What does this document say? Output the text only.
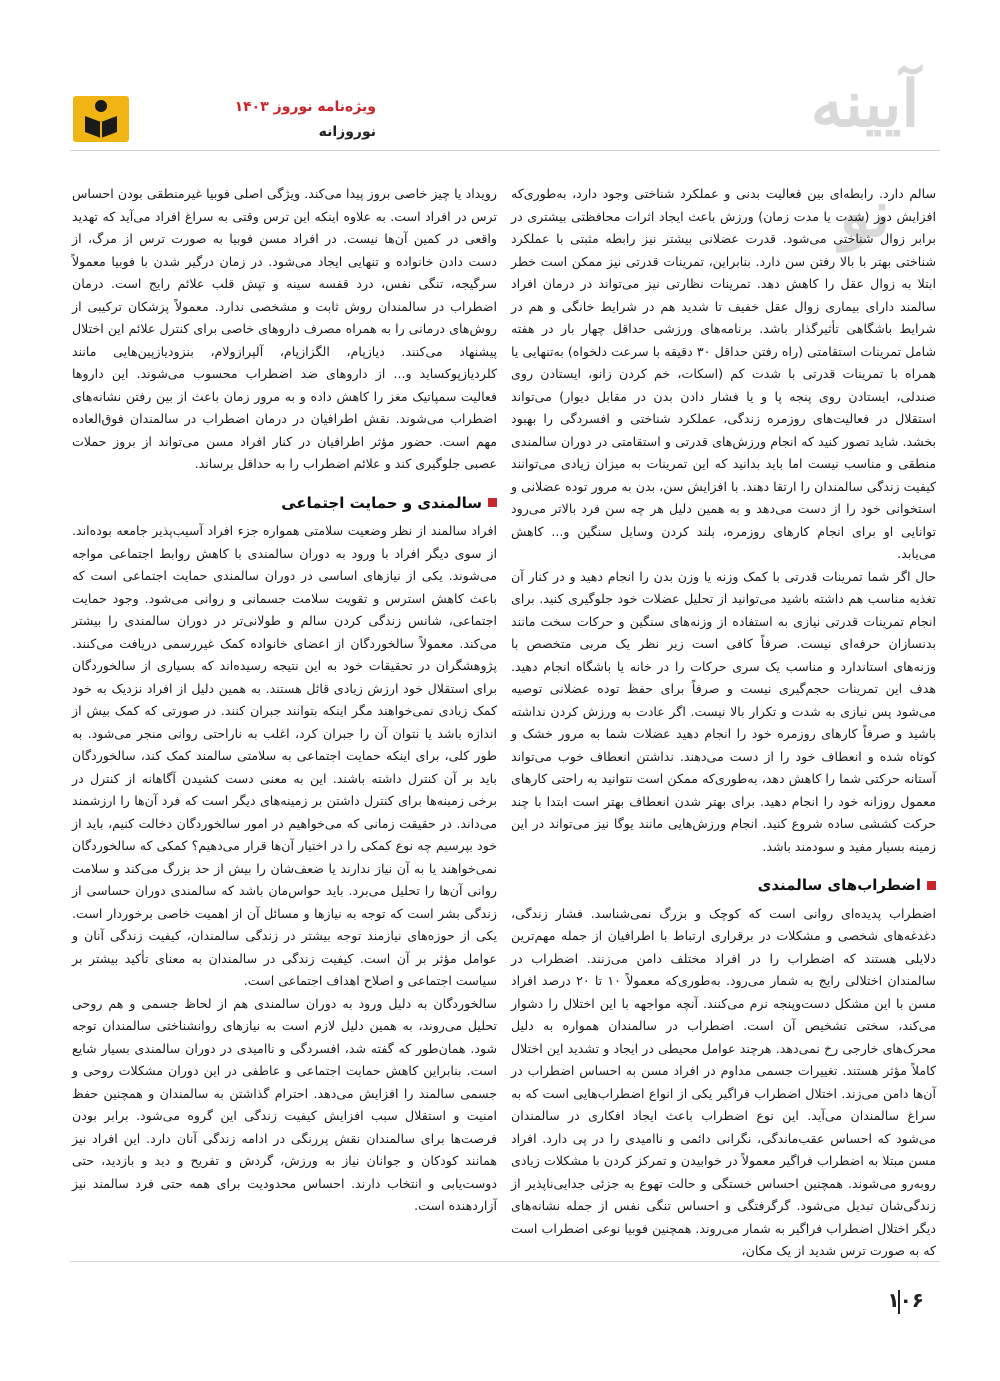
آیینه نو
ویژه‌نامه نوروز ۱۴۰۳
نوروزانه

سالم دارد. رابطه‌ای بین فعالیت بدنی و عملکرد شناختی وجود دارد، به‌طوری‌که افزایش دوز (شدت یا مدت زمان) ورزش باعث ایجاد اثرات محافظتی بیشتری در برابر زوال شناختی می‌شود. قدرت عضلانی بیشتر نیز رابطه مثبتی با عملکرد شناختی بهتر با بالا رفتن سن دارد. بنابراین، تمرینات قدرتی نیز ممکن است خطر ابتلا به زوال عقل را کاهش دهد. تمرینات نظارتی نیز می‌تواند در درمان افراد سالمند دارای بیماری زوال عقل خفیف تا شدید هم در شرایط خانگی و هم در شرایط باشگاهی تأثیرگذار باشد. برنامه‌های ورزشی حداقل چهار بار در هفته شامل تمرینات استقامتی (راه رفتن حداقل ۳۰ دقیقه با سرعت دلخواه) به‌تنهایی یا همراه با تمرینات قدرتی با شدت کم (اسکات، خم کردن زانو، ایستادن روی صندلی، ایستادن روی پنجه پا و یا فشار دادن بدن در مقابل دیوار) می‌تواند استقلال در فعالیت‌های روزمره زندگی، عملکرد شناختی و افسردگی را بهبود بخشد. شاید تصور کنید که انجام ورزش‌های قدرتی و استقامتی در دوران سالمندی منطقی و مناسب نیست اما باید بدانید که این تمرینات به میزان زیادی می‌توانند کیفیت زندگی سالمندان را ارتقا دهند. با افزایش سن، بدن به مرور توده عضلانی و استخوانی خود را از دست می‌دهد و به همین دلیل هر چه سن فرد بالاتر می‌رود توانایی او برای انجام کارهای روزمره، بلند کردن وسایل سنگین و... کاهش می‌یابد.

حال اگر شما تمرینات قدرتی با کمک وزنه یا وزن بدن را انجام دهید و در کنار آن تغذیه مناسب هم داشته باشید می‌توانید از تحلیل عضلات خود جلوگیری کنید. برای انجام تمرینات قدرتی نیازی به استفاده از وزنه‌های سنگین و حرکات سخت مانند بدنسازان حرفه‌ای نیست. صرفاً کافی است زیر نظر یک مربی متخصص با وزنه‌های استاندارد و مناسب یک سری حرکات را در خانه یا باشگاه انجام دهید. هدف این تمرینات حجم‌گیری نیست و صرفاً برای حفظ توده عضلانی توصیه می‌شود پس نیازی به شدت و تکرار بالا نیست. اگر عادت به ورزش کردن نداشته باشید و صرفاً کارهای روزمره خود را انجام دهید عضلات شما به مرور خشک و کوتاه شده و انعطاف خود را از دست می‌دهند. نداشتن انعطاف خوب می‌تواند آستانه حرکتی شما را کاهش دهد، به‌طوری‌که ممکن است نتوانید به راحتی کارهای معمول روزانه خود را انجام دهید. برای بهتر شدن انعطاف بهتر است ابتدا با چند حرکت کششی ساده شروع کنید. انجام ورزش‌هایی مانند یوگا نیز می‌تواند در این زمینه بسیار مفید و سودمند باشد.

اضطراب‌های سالمندی

اضطراب پدیده‌ای روانی است که کوچک و بزرگ نمی‌شناسد. فشار زندگی، دغدغه‌های شخصی و مشکلات در برقراری ارتباط با اطرافیان از جمله مهم‌ترین دلایلی هستند که اضطراب را در افراد مختلف دامن می‌زنند. اضطراب در سالمندان اختلالی رایج به شمار می‌رود. به‌طوری‌که معمولاً ۱۰ تا ۲۰ درصد افراد مسن با این مشکل دست‌وپنجه نرم می‌کنند. آنچه مواجهه با این اختلال را دشوار می‌کند، سختی تشخیص آن است. اضطراب در سالمندان همواره به دلیل محرک‌های خارجی رخ نمی‌دهد. هرچند عوامل محیطی در ایجاد و تشدید این اختلال کاملاً مؤثر هستند. تغییرات جسمی مداوم در افراد مسن به احساس اضطراب در آن‌ها دامن می‌زند. اختلال اضطراب فراگیر یکی از انواع اضطراب‌هایی است که به سراغ سالمندان می‌آید. این نوع اضطراب باعث ایجاد افکاری در سالمندان می‌شود که احساس عقب‌ماندگی، نگرانی دائمی و ناامیدی را در پی دارد. افراد مسن مبتلا به اضطراب فراگیر معمولاً در خوابیدن و تمرکز کردن با مشکلات زیادی روبه‌رو می‌شوند. همچنین احساس خستگی و حالت تهوع به جزئی جدایی‌ناپذیر از زندگی‌شان تبدیل می‌شود. گرگرفتگی و احساس تنگی نفس از جمله نشانه‌های دیگر اختلال اضطراب فراگیر به شمار می‌روند. همچنین فوبیا نوعی اضطراب است که به صورت ترس شدید از یک مکان،

رویداد یا چیز خاصی بروز پیدا می‌کند. ویژگی اصلی فوبیا غیرمنطقی بودن احساس ترس در افراد است. به علاوه اینکه این ترس وقتی به سراغ افراد می‌آید که تهدید واقعی در کمین آن‌ها نیست. در افراد مسن فوبیا به صورت ترس از مرگ، از دست دادن خانواده و تنهایی ایجاد می‌شود. در زمان درگیر شدن با فوبیا معمولاً سرگیجه، تنگی نفس، درد قفسه سینه و تپش قلب علائم رایج است. درمان اضطراب در سالمندان روش ثابت و مشخصی ندارد. معمولاً پزشکان ترکیبی از روش‌های درمانی را به همراه مصرف داروهای خاصی برای کنترل علائم این اختلال پیشنهاد می‌کنند. دیازپام، الگزازپام، آلپرازولام، بنزودیازپین‌هایی مانند کلردیازپوکساید و... از داروهای ضد اضطراب محسوب می‌شوند. این داروها فعالیت سمپاتیک مغز را کاهش داده و به مرور زمان باعث از بین رفتن نشانه‌های اضطراب می‌شوند. نقش اطرافیان در درمان اضطراب در سالمندان فوق‌العاده مهم است. حضور مؤثر اطرافیان در کنار افراد مسن می‌تواند از بروز حملات عصبی جلوگیری کند و علائم اضطراب را به حداقل برساند.

سالمندی و حمایت اجتماعی

افراد سالمند از نظر وضعیت سلامتی همواره جزء افراد آسیب‌پذیر جامعه بوده‌اند. از سوی دیگر افراد با ورود به دوران سالمندی با کاهش روابط اجتماعی مواجه می‌شوند. یکی از نیازهای اساسی در دوران سالمندی حمایت اجتماعی است که باعث کاهش استرس و تقویت سلامت جسمانی و روانی می‌شود. وجود حمایت اجتماعی، شانس زندگی کردن سالم و طولانی‌تر در دوران سالمندی را بیشتر می‌کند. معمولاً سالخوردگان از اعضای خانواده کمک غیررسمی دریافت می‌کنند. پژوهشگران در تحقیقات خود به این نتیجه رسیده‌اند که بسیاری از سالخوردگان برای استقلال خود ارزش زیادی قائل هستند. به همین دلیل از افراد نزدیک به خود کمک زیادی نمی‌خواهند مگر اینکه بتوانند جبران کنند. در صورتی که کمک بیش از اندازه باشد یا نتوان آن را جبران کرد، اغلب به ناراحتی روانی منجر می‌شود. به طور کلی، برای اینکه حمایت اجتماعی به سلامتی سالمند کمک کند، سالخوردگان باید بر آن کنترل داشته باشند. این به معنی دست کشیدن آگاهانه از کنترل در برخی زمینه‌ها برای کنترل داشتن بر زمینه‌های دیگر است که فرد آن‌ها را ارزشمند می‌داند. در حقیقت زمانی که می‌خواهیم در امور سالخوردگان دخالت کنیم، باید از خود بپرسیم چه نوع کمکی را در اختیار آن‌ها قرار می‌دهیم؟ کمکی که سالخوردگان نمی‌خواهند یا به آن نیاز ندارند یا ضعف‌شان را بیش از حد بزرگ می‌کند و سلامت روانی آن‌ها را تحلیل می‌برد. باید حواس‌مان باشد که سالمندی دوران حساسی از زندگی بشر است که توجه به نیازها و مسائل آن از اهمیت خاصی برخوردار است. یکی از حوزه‌های نیازمند توجه بیشتر در زندگی سالمندان، کیفیت زندگی آنان و عوامل مؤثر بر آن است. کیفیت زندگی در سالمندان به معنای تأکید بیشتر بر سیاست اجتماعی و اصلاح اهداف اجتماعی است.

سالخوردگان به دلیل ورود به دوران سالمندی هم از لحاظ جسمی و هم روحی تحلیل می‌روند، به همین دلیل لازم است به نیازهای روانشناختی سالمندان توجه شود. همان‌طور که گفته شد، افسردگی و ناامیدی در دوران سالمندی بسیار شایع است. بنابراین کاهش حمایت اجتماعی و عاطفی در این دوران مشکلات روحی و جسمی سالمند را افزایش می‌دهد. احترام گذاشتن به سالمندان و همچنین حفظ امنیت و استقلال سبب افزایش کیفیت زندگی این گروه می‌شود. برابر بودن فرصت‌ها برای سالمندان نقش پررنگی در ادامه زندگی آنان دارد. این افراد نیز همانند کودکان و جوانان نیاز به ورزش، گردش و تفریح و دید و بازدید، حتی دوست‌یابی و انتخاب دارند. احساس محدودیت برای همه حتی فرد سالمند نیز آزاردهنده است.

۱۰۶
